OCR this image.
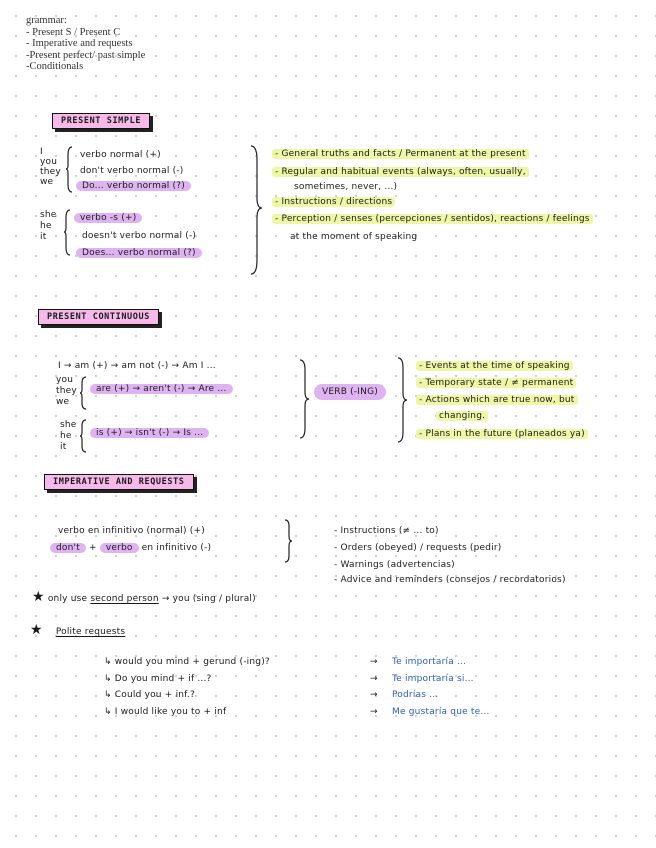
grammar:
- Present S / Present C
- Imperative and requests
-Present perfect/ past simple
-Conditionals
PRESENT SIMPLE
I
you
they
we
verbo normal (+)
don't verbo normal (-)
Do... verbo normal (?)
she
he
it
verbo -s (+)
doesn't verbo normal (-)
Does... verbo normal (?)
- General truths and facts / Permanent at the present
- Regular and habitual events (always, often, usually,
sometimes, never, ...)
- Instructions / directions
- Perception / senses (percepciones / sentidos), reactions / feelings
at the moment of speaking
PRESENT CONTINUOUS
I → am (+) → am not (-) → Am I ...
you
they
we
are (+) → aren't (-) → Are ...
she
he
it
is (+) → isn't (-) → Is ...
VERB (-ING)
- Events at the time of speaking
- Temporary state / ≠ permanent
- Actions which are true now, but
changing.
- Plans in the future (planeados ya)
IMPERATIVE AND REQUESTS
verbo en infinitivo (normal) (+)
don't + verbo en infinitivo (-)
- Instructions (≠ ... to)
- Orders (obeyed) / requests (pedir)
- Warnings (advertencias)
- Advice and reminders (consejos / recordatorios)
★ only use second person → you (sing / plural)
★ Polite requests
↳ would you mind + gerund (-ing)?	→ Te importaría ...
↳ Do you mind + if ...?	→ Te importaría si...
↳ Could you + inf.?	→ Podrías ...
↳ I would like you to + inf	→ Me gustaría que te...
